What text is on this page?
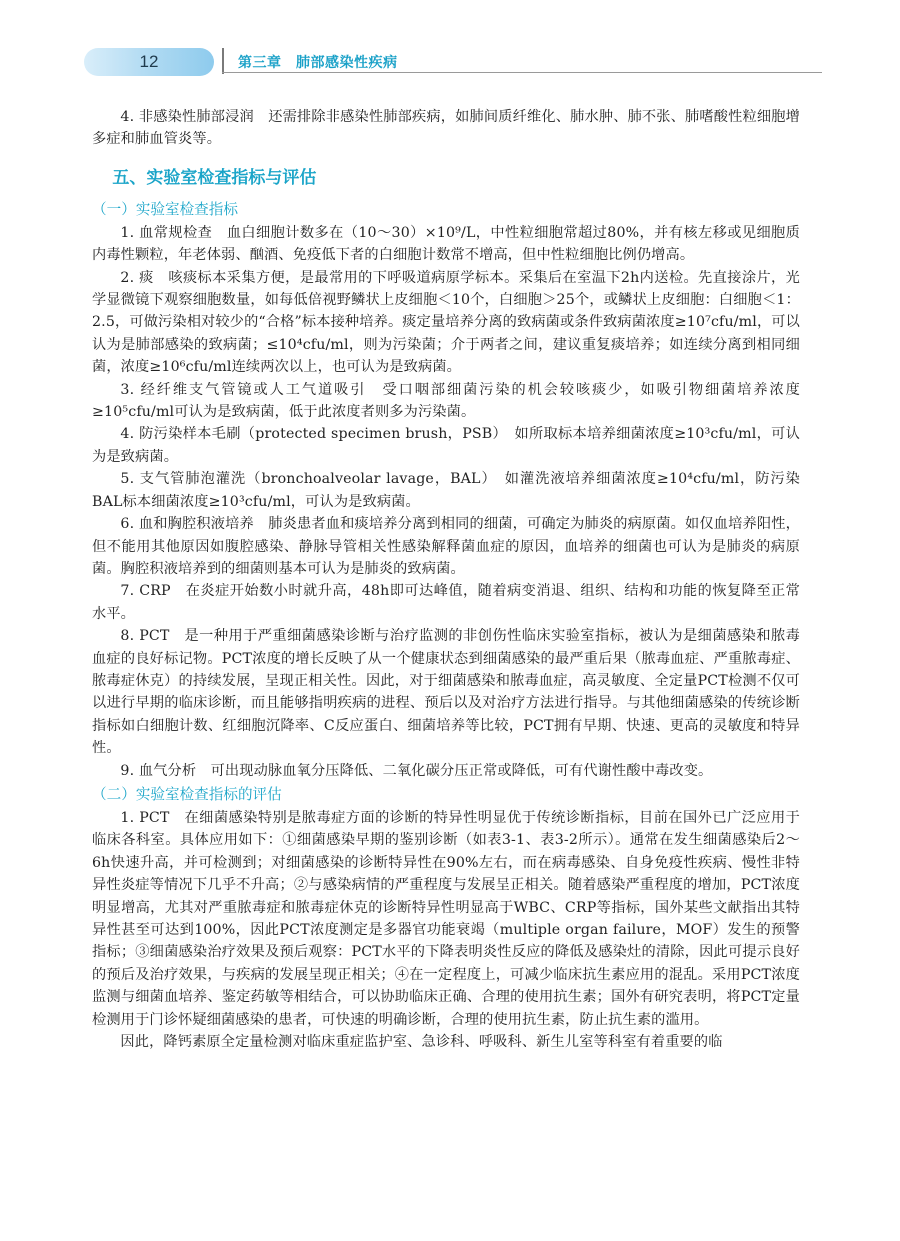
12	第三章　肺部感染性疾病

4. 非感染性肺部浸润　还需排除非感染性肺部疾病，如肺间质纤维化、肺水肿、肺不张、肺嗜酸性粒细胞增多症和肺血管炎等。

五、实验室检查指标与评估
（一）实验室检查指标

1. 血常规检查　血白细胞计数多在（10～30）×10⁹/L，中性粒细胞常超过80%，并有核左移或见细胞质内毒性颗粒，年老体弱、酗酒、免疫低下者的白细胞计数常不增高，但中性粒细胞比例仍增高。

2. 痰　咳痰标本采集方便，是最常用的下呼吸道病原学标本。采集后在室温下2h内送检。先直接涂片，光学显微镜下观察细胞数量，如每低倍视野鳞状上皮细胞＜10个，白细胞＞25个，或鳞状上皮细胞：白细胞＜1：2.5，可做污染相对较少的“合格”标本接种培养。痰定量培养分离的致病菌或条件致病菌浓度≥10⁷cfu/ml，可以认为是肺部感染的致病菌；≤10⁴cfu/ml，则为污染菌；介于两者之间，建议重复痰培养；如连续分离到相同细菌，浓度≥10⁶cfu/ml连续两次以上，也可认为是致病菌。

3. 经纤维支气管镜或人工气道吸引　受口咽部细菌污染的机会较咳痰少，如吸引物细菌培养浓度≥10⁵cfu/ml可认为是致病菌，低于此浓度者则多为污染菌。

4. 防污染样本毛刷（protected specimen brush，PSB）　如所取标本培养细菌浓度≥10³cfu/ml，可认为是致病菌。

5. 支气管肺泡灌洗（bronchoalveolar lavage，BAL）　如灌洗液培养细菌浓度≥10⁴cfu/ml，防污染BAL标本细菌浓度≥10³cfu/ml，可认为是致病菌。

6. 血和胸腔积液培养　肺炎患者血和痰培养分离到相同的细菌，可确定为肺炎的病原菌。如仅血培养阳性，但不能用其他原因如腹腔感染、静脉导管相关性感染解释菌血症的原因，血培养的细菌也可认为是肺炎的病原菌。胸腔积液培养到的细菌则基本可认为是肺炎的致病菌。

7. CRP　在炎症开始数小时就升高，48h即可达峰值，随着病变消退、组织、结构和功能的恢复降至正常水平。

8. PCT　是一种用于严重细菌感染诊断与治疗监测的非创伤性临床实验室指标，被认为是细菌感染和脓毒血症的良好标记物。PCT浓度的增长反映了从一个健康状态到细菌感染的最严重后果（脓毒血症、严重脓毒症、脓毒症休克）的持续发展，呈现正相关性。因此，对于细菌感染和脓毒血症，高灵敏度、全定量PCT检测不仅可以进行早期的临床诊断，而且能够指明疾病的进程、预后以及对治疗方法进行指导。与其他细菌感染的传统诊断指标如白细胞计数、红细胞沉降率、C反应蛋白、细菌培养等比较，PCT拥有早期、快速、更高的灵敏度和特异性。

9. 血气分析　可出现动脉血氧分压降低、二氧化碳分压正常或降低，可有代谢性酸中毒改变。

（二）实验室检查指标的评估

1. PCT　在细菌感染特别是脓毒症方面的诊断的特异性明显优于传统诊断指标，目前在国外已广泛应用于临床各科室。具体应用如下：①细菌感染早期的鉴别诊断（如表3-1、表3-2所示）。通常在发生细菌感染后2～6h快速升高，并可检测到；对细菌感染的诊断特异性在90%左右，而在病毒感染、自身免疫性疾病、慢性非特异性炎症等情况下几乎不升高；②与感染病情的严重程度与发展呈正相关。随着感染严重程度的增加，PCT浓度明显增高，尤其对严重脓毒症和脓毒症休克的诊断特异性明显高于WBC、CRP等指标，国外某些文献指出其特异性甚至可达到100%，因此PCT浓度测定是多器官功能衰竭（multiple organ failure，MOF）发生的预警指标；③细菌感染治疗效果及预后观察：PCT水平的下降表明炎性反应的降低及感染灶的清除，因此可提示良好的预后及治疗效果，与疾病的发展呈现正相关；④在一定程度上，可减少临床抗生素应用的混乱。采用PCT浓度监测与细菌血培养、鉴定药敏等相结合，可以协助临床正确、合理的使用抗生素；国外有研究表明，将PCT定量检测用于门诊怀疑细菌感染的患者，可快速的明确诊断，合理的使用抗生素，防止抗生素的滥用。

因此，降钙素原全定量检测对临床重症监护室、急诊科、呼吸科、新生儿室等科室有着重要的临
